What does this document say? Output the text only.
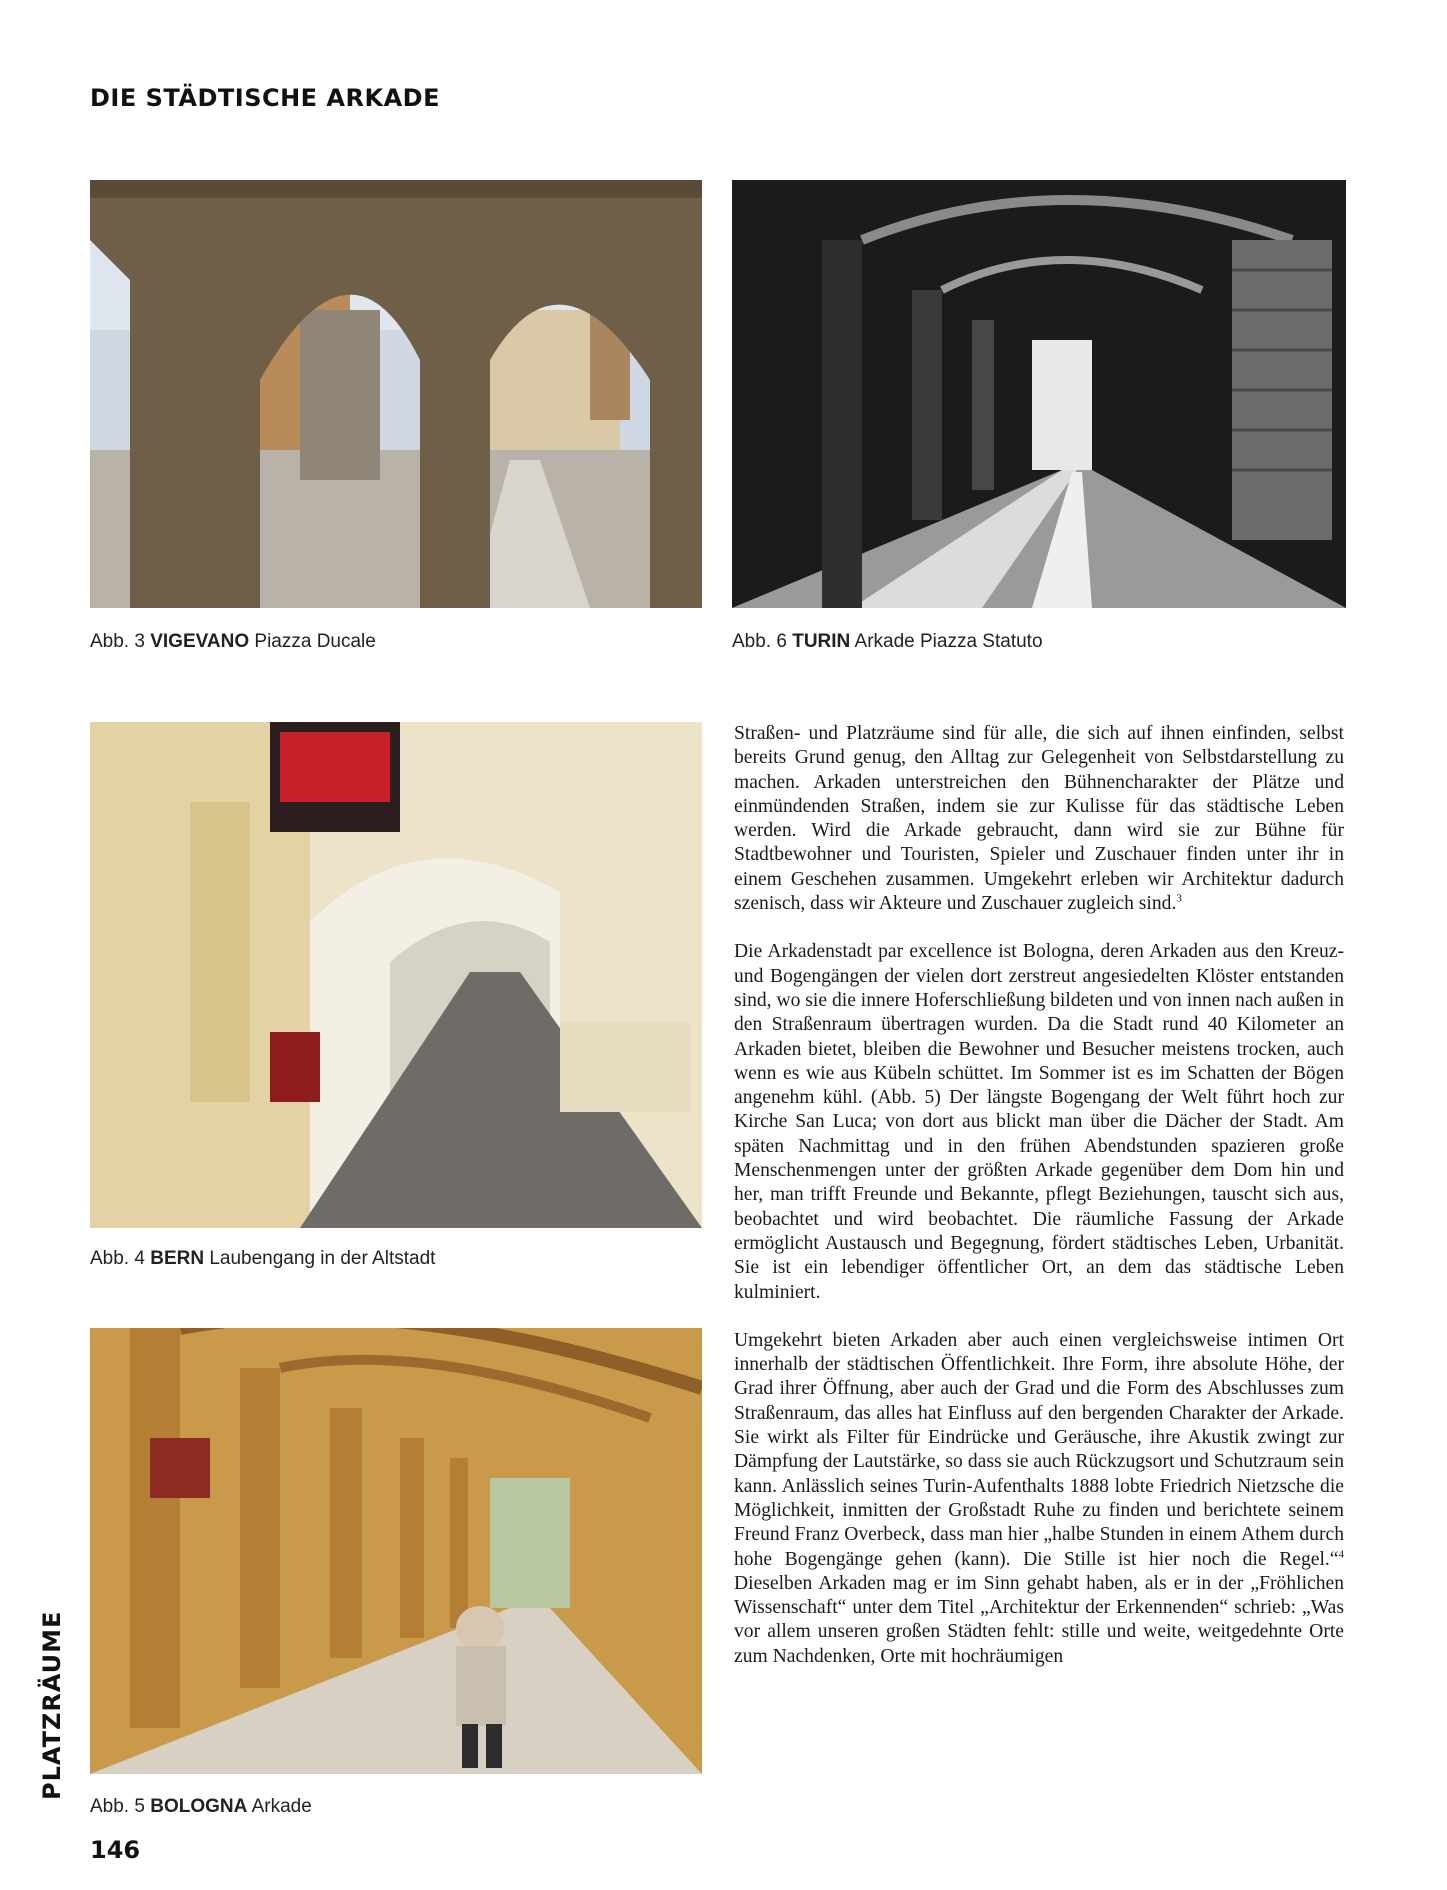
DIE STÄDTISCHE ARKADE
Abb. 3 VIGEVANO Piazza Ducale	Abb. 6 TURIN Arkade Piazza Statuto
Abb. 4 BERN Laubengang in der Altstadt
Abb. 5 BOLOGNA Arkade

Straßen- und Platzräume sind für alle, die sich auf ihnen einfinden, selbst bereits Grund genug, den Alltag zur Gelegenheit von Selbstdarstellung zu machen. Arkaden unterstreichen den Bühnencharakter der Plätze und einmündenden Straßen, indem sie zur Kulisse für das städtische Leben werden. Wird die Arkade gebraucht, dann wird sie zur Bühne für Stadtbewohner und Touristen, Spieler und Zuschauer finden unter ihr in einem Geschehen zusammen. Umgekehrt erleben wir Architektur dadurch szenisch, dass wir Akteure und Zuschauer zugleich sind.$^3$

Die Arkadenstadt par excellence ist Bologna, deren Arkaden aus den Kreuz- und Bogengängen der vielen dort zerstreut angesiedelten Klöster entstanden sind, wo sie die innere Hoferschließung bildeten und von innen nach außen in den Straßenraum übertragen wurden. Da die Stadt rund 40 Kilometer an Arkaden bietet, bleiben die Bewohner und Besucher meistens trocken, auch wenn es wie aus Kübeln schüttet. Im Sommer ist es im Schatten der Bögen angenehm kühl. (Abb. 5) Der längste Bogengang der Welt führt hoch zur Kirche San Luca; von dort aus blickt man über die Dächer der Stadt. Am späten Nachmittag und in den frühen Abendstunden spazieren große Menschenmengen unter der größten Arkade gegenüber dem Dom hin und her, man trifft Freunde und Bekannte, pflegt Beziehungen, tauscht sich aus, beobachtet und wird beobachtet. Die räumliche Fassung der Arkade ermöglicht Austausch und Begegnung, fördert städtisches Leben, Urbanität. Sie ist ein lebendiger öffentlicher Ort, an dem das städtische Leben kulminiert.

Umgekehrt bieten Arkaden aber auch einen vergleichsweise intimen Ort innerhalb der städtischen Öffentlichkeit. Ihre Form, ihre absolute Höhe, der Grad ihrer Öffnung, aber auch der Grad und die Form des Abschlusses zum Straßenraum, das alles hat Einfluss auf den bergenden Charakter der Arkade. Sie wirkt als Filter für Eindrücke und Geräusche, ihre Akustik zwingt zur Dämpfung der Lautstärke, so dass sie auch Rückzugsort und Schutzraum sein kann. Anlässlich seines Turin-Aufenthalts 1888 lobte Friedrich Nietzsche die Möglichkeit, inmitten der Großstadt Ruhe zu finden und berichtete seinem Freund Franz Overbeck, dass man hier „halbe Stunden in einem Athem durch hohe Bogengänge gehen (kann). Die Stille ist hier noch die Regel.“$^4$ Dieselben Arkaden mag er im Sinn gehabt haben, als er in der „Fröhlichen Wissenschaft“ unter dem Titel „Architektur der Erkennenden“ schrieb: „Was vor allem unseren großen Städten fehlt: stille und weite, weitgedehnte Orte zum Nachdenken, Orte mit hochräumigen

PLATZRÄUME
146
